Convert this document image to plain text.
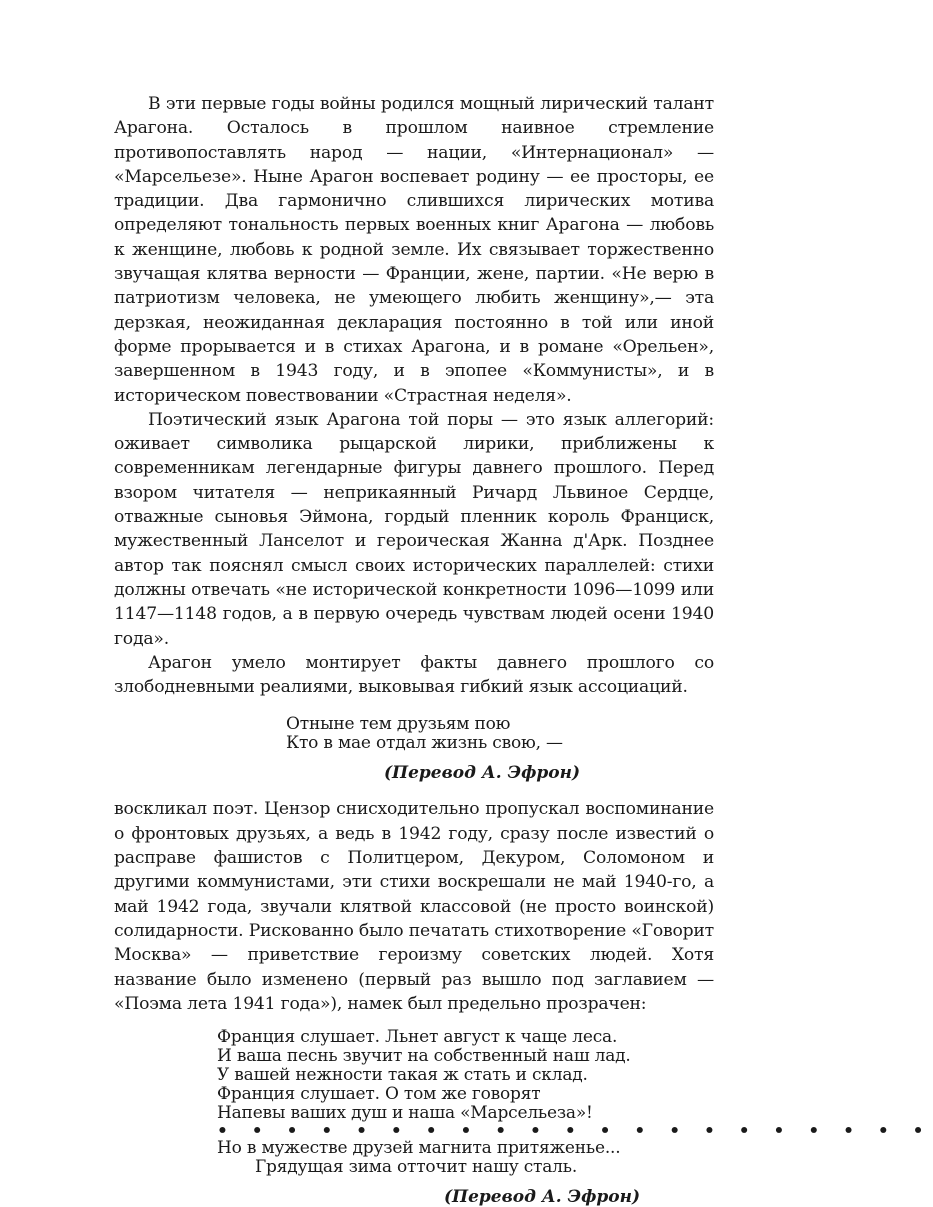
В эти первые годы войны родился мощный лирический талант Арагона. Осталось в прошлом наивное стремление противопоставлять народ — нации, «Интернационал» — «Марсельезе». Ныне Арагон воспевает родину — ее просторы, ее традиции. Два гармонично слившихся лирических мотива определяют тональность первых военных книг Арагона — любовь к женщине, любовь к родной земле. Их связывает торжественно звучащая клятва верности — Франции, жене, партии. «Не верю в патриотизм человека, не умеющего любить женщину»,— эта дерзкая, неожиданная декларация постоянно в той или иной форме прорывается и в стихах Арагона, и в романе «Орельен», завершенном в 1943 году, и в эпопее «Коммунисты», и в историческом повествовании «Страстная неделя».

Поэтический язык Арагона той поры — это язык аллегорий: оживает символика рыцарской лирики, приближены к современникам легендарные фигуры давнего прошлого. Перед взором читателя — неприкаянный Ричард Львиное Сердце, отважные сыновья Эймона, гордый пленник король Франциск, мужественный Ланселот и героическая Жанна д'Арк. Позднее автор так пояснял смысл своих исторических параллелей: стихи должны отвечать «не исторической конкретности 1096—1099 или 1147—1148 годов, а в первую очередь чувствам людей осени 1940 года».

Арагон умело монтирует факты давнего прошлого со злободневными реалиями, выковывая гибкий язык ассоциаций.

Отныне тем друзьям пою
Кто в мае отдал жизнь свою, —
(Перевод А. Эфрон)

воскликал поэт. Цензор снисходительно пропускал воспоминание о фронтовых друзьях, а ведь в 1942 году, сразу после известий о расправе фашистов с Политцером, Декуром, Соломоном и другими коммунистами, эти стихи воскрешали не май 1940-го, а май 1942 года, звучали клятвой классовой (не просто воинской) солидарности. Рискованно было печатать стихотворение «Говорит Москва» — приветствие героизму советских людей. Хотя название было изменено (первый раз вышло под заглавием — «Поэма лета 1941 года»), намек был предельно прозрачен:

Франция слушает. Льнет август к чаще леса.
И ваша песнь звучит на собственный наш лад.
У вашей нежности такая ж стать и склад.
Франция слушает. О том же говорят
Напевы ваших душ и наша «Марсельеза»!
• • • • • • • • • • • • • • • • • • • • •
Но в мужестве друзей магнита притяженье...
Грядущая зима отточит нашу сталь.
(Перевод А. Эфрон)
